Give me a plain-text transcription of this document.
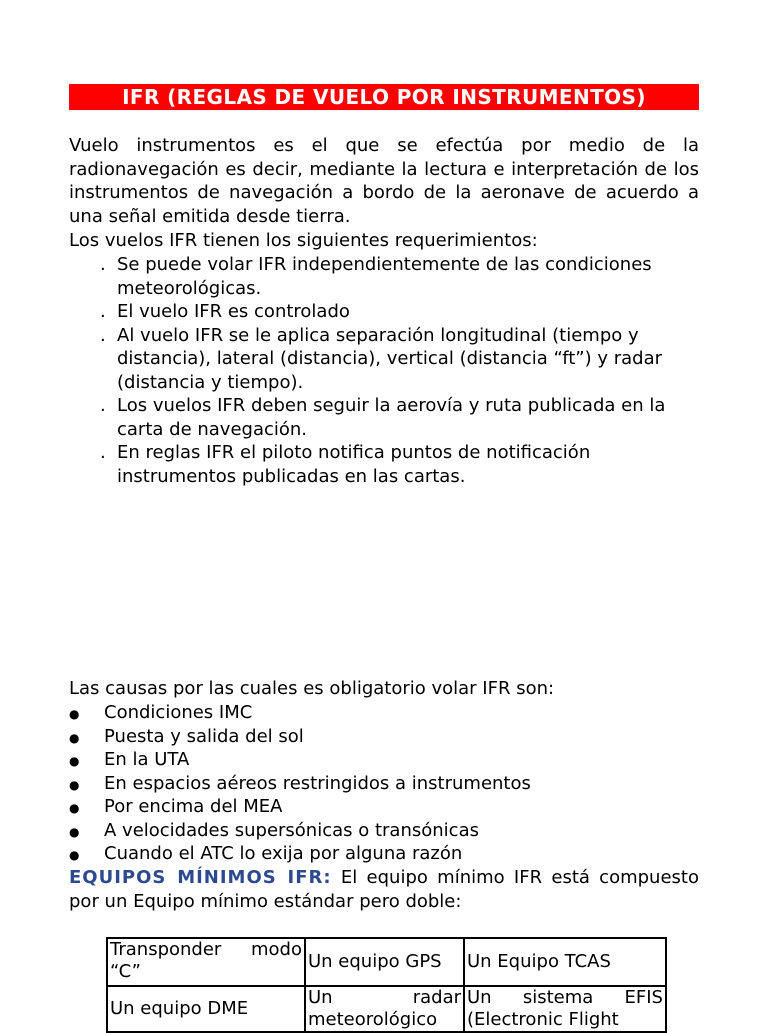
IFR (REGLAS DE VUELO POR INSTRUMENTOS)

Vuelo instrumentos es el que se efectúa por medio de la radionavegación es decir, mediante la lectura e interpretación de los instrumentos de navegación a bordo de la aeronave de acuerdo a una señal emitida desde tierra.

Los vuelos IFR tienen los siguientes requerimientos:

. Se puede volar IFR independientemente de las condiciones meteorológicas.
. El vuelo IFR es controlado
. Al vuelo IFR se le aplica separación longitudinal (tiempo y distancia), lateral (distancia), vertical (distancia “ft”) y radar (distancia y tiempo).
. Los vuelos IFR deben seguir la aerovía y ruta publicada en la carta de navegación.
. En reglas IFR el piloto notifica puntos de notificación instrumentos publicadas en las cartas.

Las causas por las cuales es obligatorio volar IFR son:

● Condiciones IMC
● Puesta y salida del sol
● En la UTA
● En espacios aéreos restringidos a instrumentos
● Por encima del MEA
● A velocidades supersónicas o transónicas
● Cuando el ATC lo exija por alguna razón

EQUIPOS MÍNIMOS IFR: El equipo mínimo IFR está compuesto por un Equipo mínimo estándar pero doble:

Transponder modo “C”	Un equipo GPS	Un Equipo TCAS
Un equipo DME	Un radar meteorológico	Un sistema EFIS (Electronic Flight
